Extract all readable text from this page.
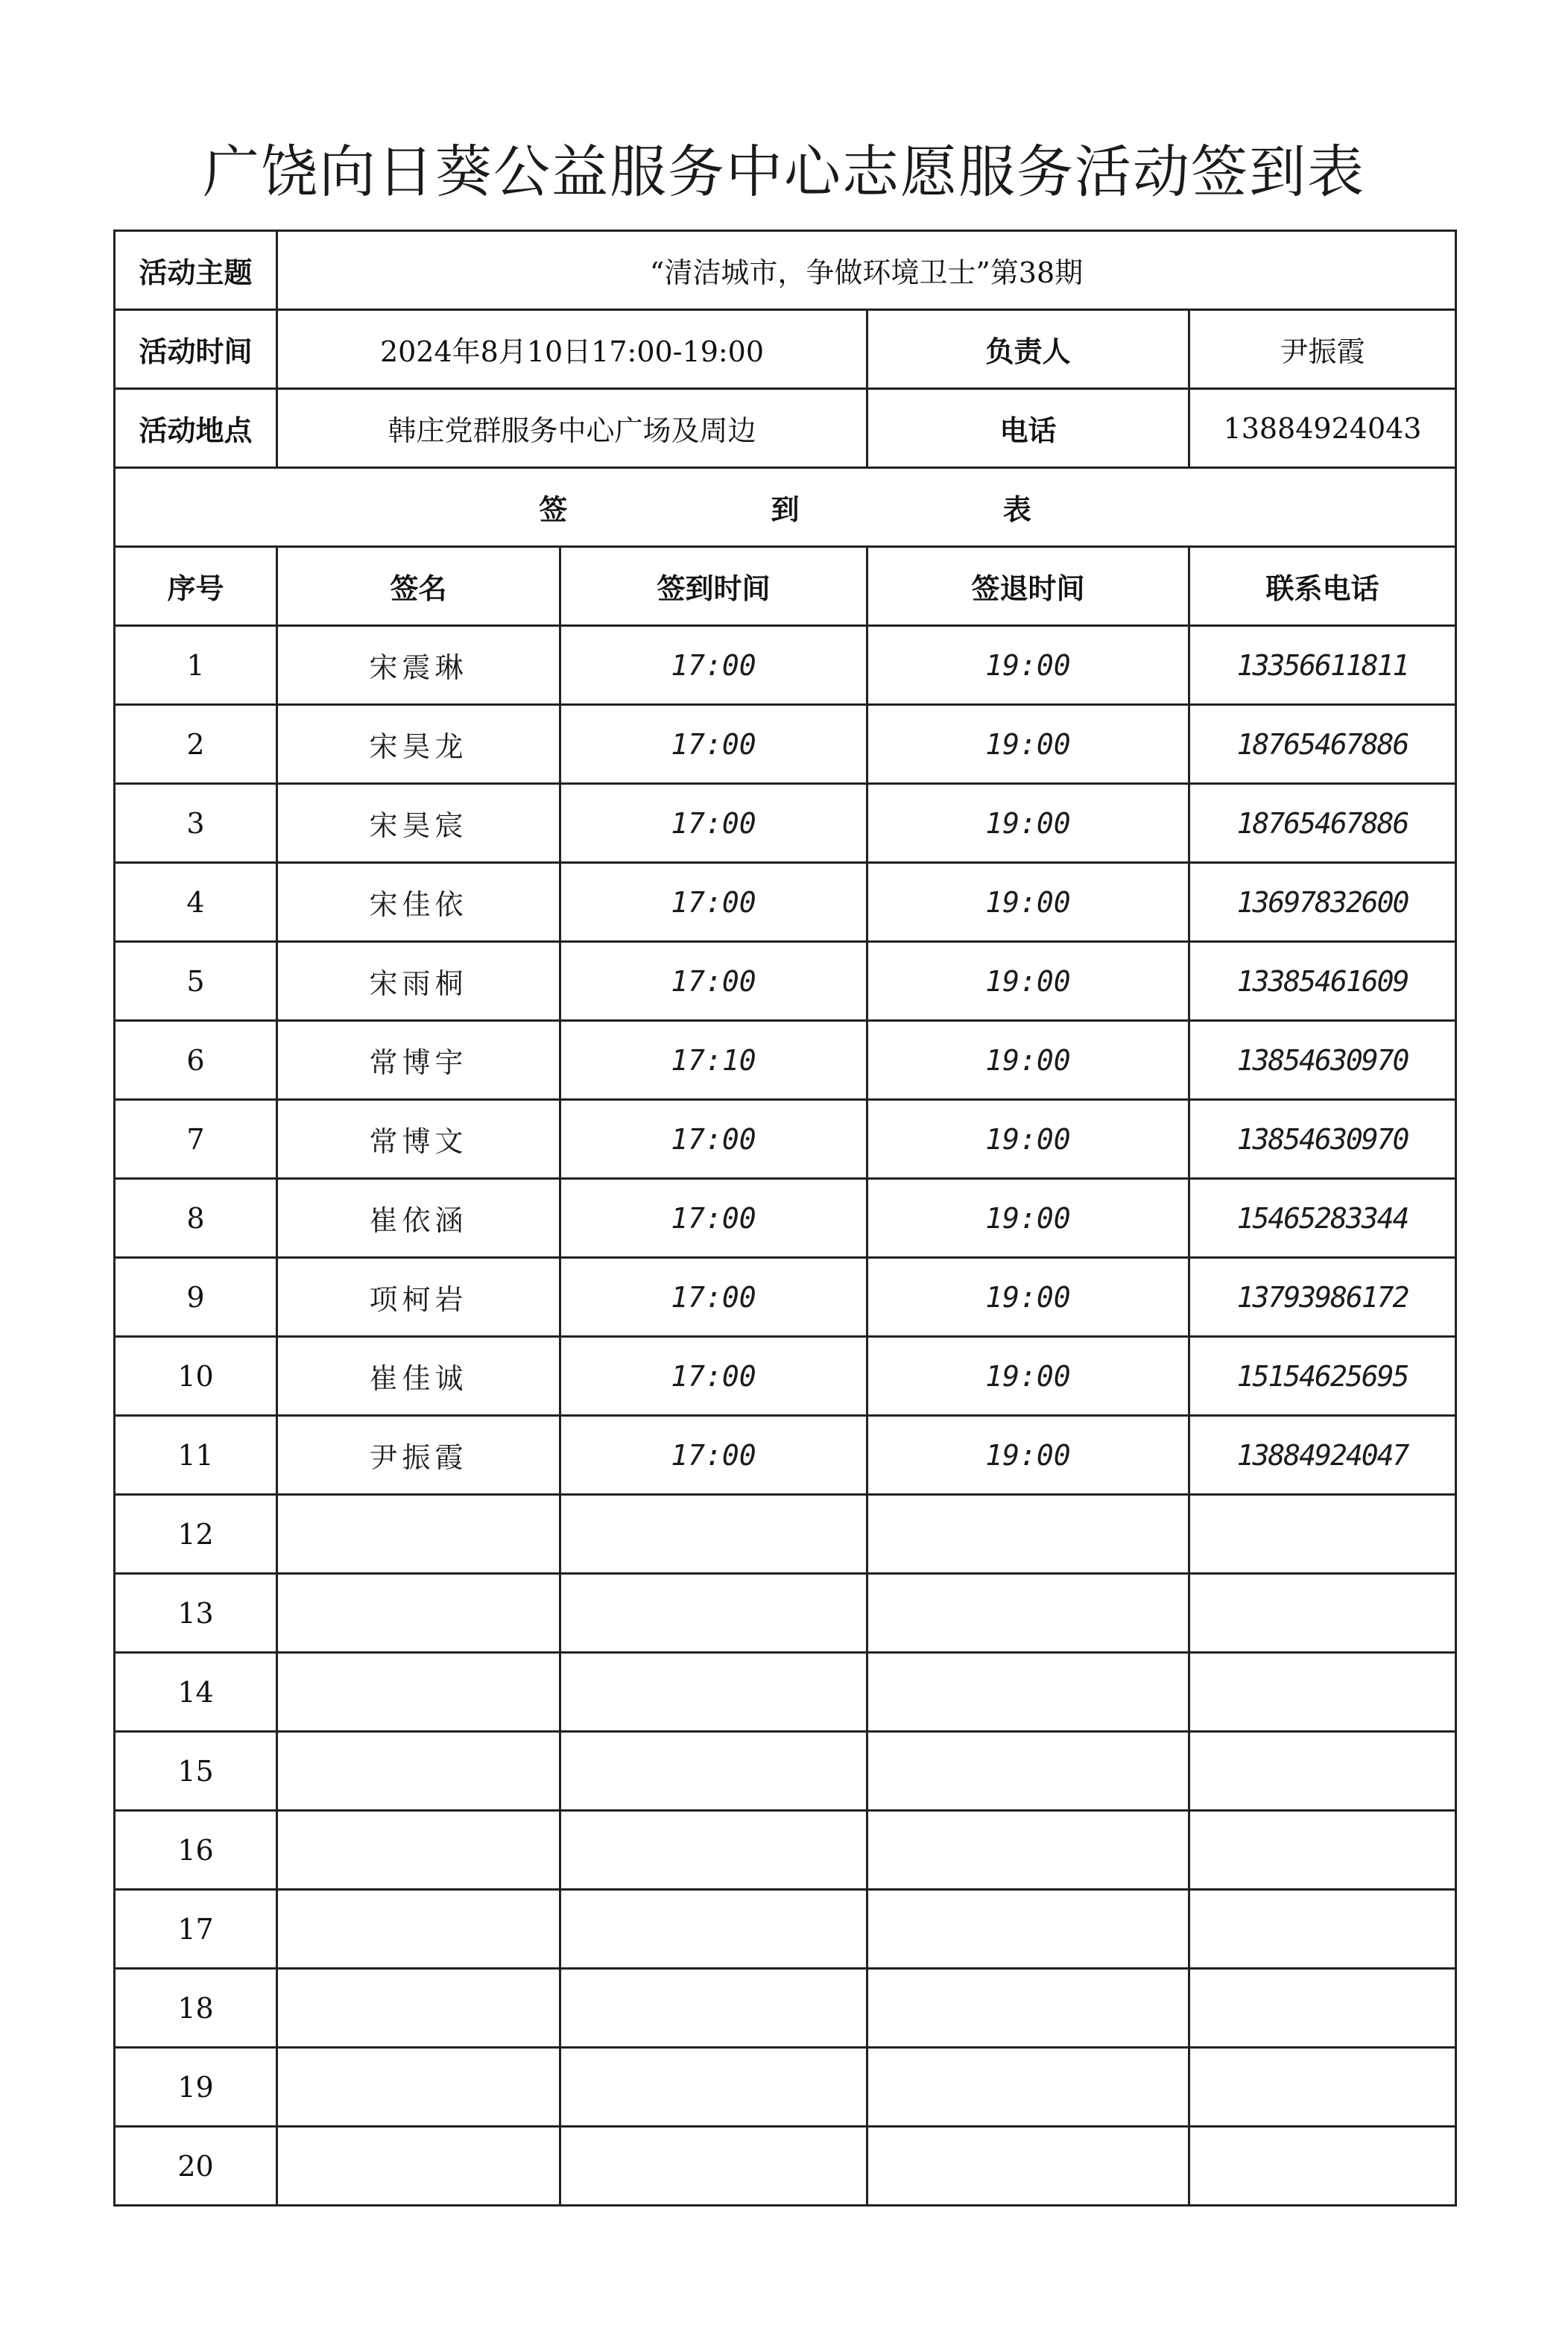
广饶向日葵公益服务中心志愿服务活动签到表
活动主题	“清洁城市，争做环境卫士”第38期			
活动时间	2024年8月10日17:00-19:00		负责人	尹振霞
活动地点	韩庄党群服务中心广场及周边		电话	13884924043
签 到 表				
序号	签名	签到时间	签退时间	联系电话
1	宋震琳	17:00	19:00	13356611811
2	宋昊龙	17:00	19:00	18765467886
3	宋昊宸	17:00	19:00	18765467886
4	宋佳依	17:00	19:00	13697832600
5	宋雨桐	17:00	19:00	13385461609
6	常博宇	17:10	19:00	13854630970
7	常博文	17:00	19:00	13854630970
8	崔依涵	17:00	19:00	15465283344
9	项柯岩	17:00	19:00	13793986172
10	崔佳诚	17:00	19:00	15154625695
11	尹振霞	17:00	19:00	13884924047
12				
13				
14				
15				
16				
17				
18				
19				
20				
